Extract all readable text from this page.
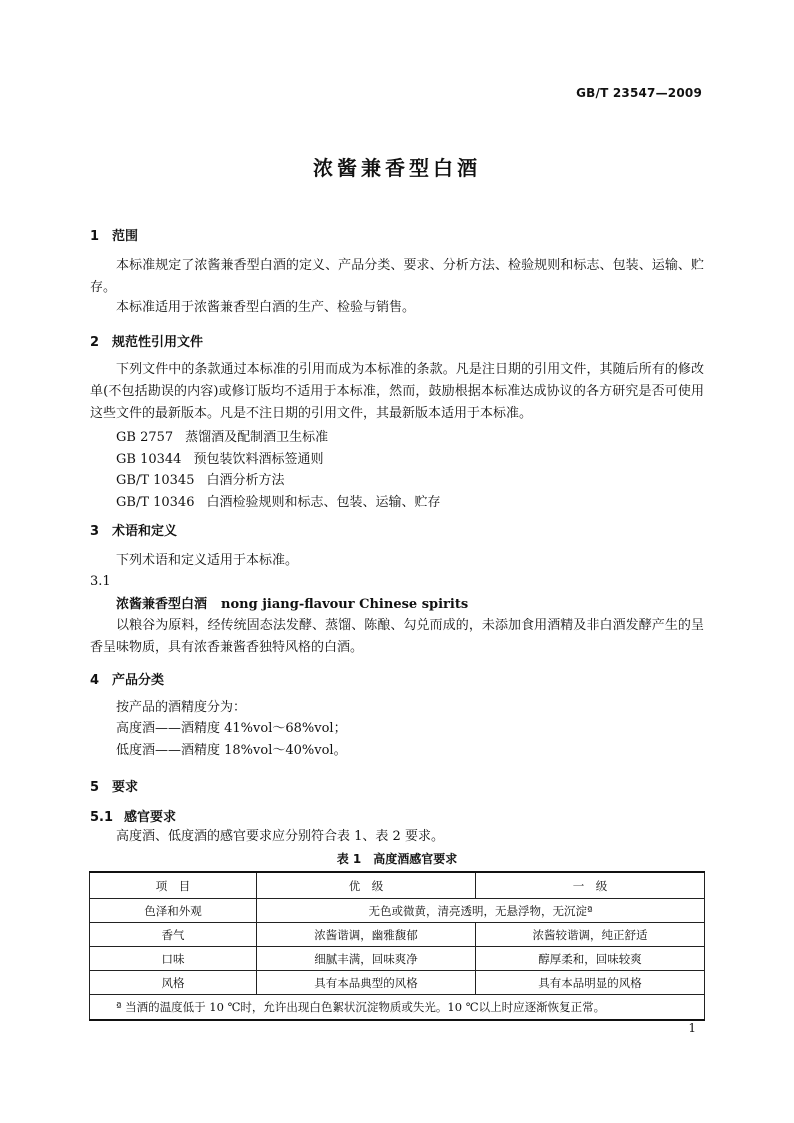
GB/T 23547—2009
浓酱兼香型白酒
1 范围
本标准规定了浓酱兼香型白酒的定义、产品分类、要求、分析方法、检验规则和标志、包装、运输、贮存。
本标准适用于浓酱兼香型白酒的生产、检验与销售。
2 规范性引用文件
下列文件中的条款通过本标准的引用而成为本标准的条款。凡是注日期的引用文件，其随后所有的修改单(不包括勘误的内容)或修订版均不适用于本标准，然而，鼓励根据本标准达成协议的各方研究是否可使用这些文件的最新版本。凡是不注日期的引用文件，其最新版本适用于本标准。
GB 2757 蒸馏酒及配制酒卫生标准
GB 10344 预包装饮料酒标签通则
GB/T 10345 白酒分析方法
GB/T 10346 白酒检验规则和标志、包装、运输、贮存
3 术语和定义
下列术语和定义适用于本标准。
3.1
浓酱兼香型白酒 nong jiang-flavour Chinese spirits
以粮谷为原料，经传统固态法发酵、蒸馏、陈酿、勾兑而成的，未添加食用酒精及非白酒发酵产生的呈香呈味物质，具有浓香兼酱香独特风格的白酒。
4 产品分类
按产品的酒精度分为：
高度酒——酒精度 41%vol～68%vol；
低度酒——酒精度 18%vol～40%vol。
5 要求
5.1 感官要求
高度酒、低度酒的感官要求应分别符合表 1、表 2 要求。
表 1　高度酒感官要求
项　目	优　级	一　级
色泽和外观	无色或微黄，清亮透明，无悬浮物，无沉淀ª	
香气	浓酱谐调，幽雅馥郁	浓酱较谐调，纯正舒适
口味	细腻丰满，回味爽净	醇厚柔和，回味较爽
风格	具有本品典型的风格	具有本品明显的风格
ª 当酒的温度低于 10 ℃时，允许出现白色絮状沉淀物质或失光。10 ℃以上时应逐渐恢复正常。		
1
